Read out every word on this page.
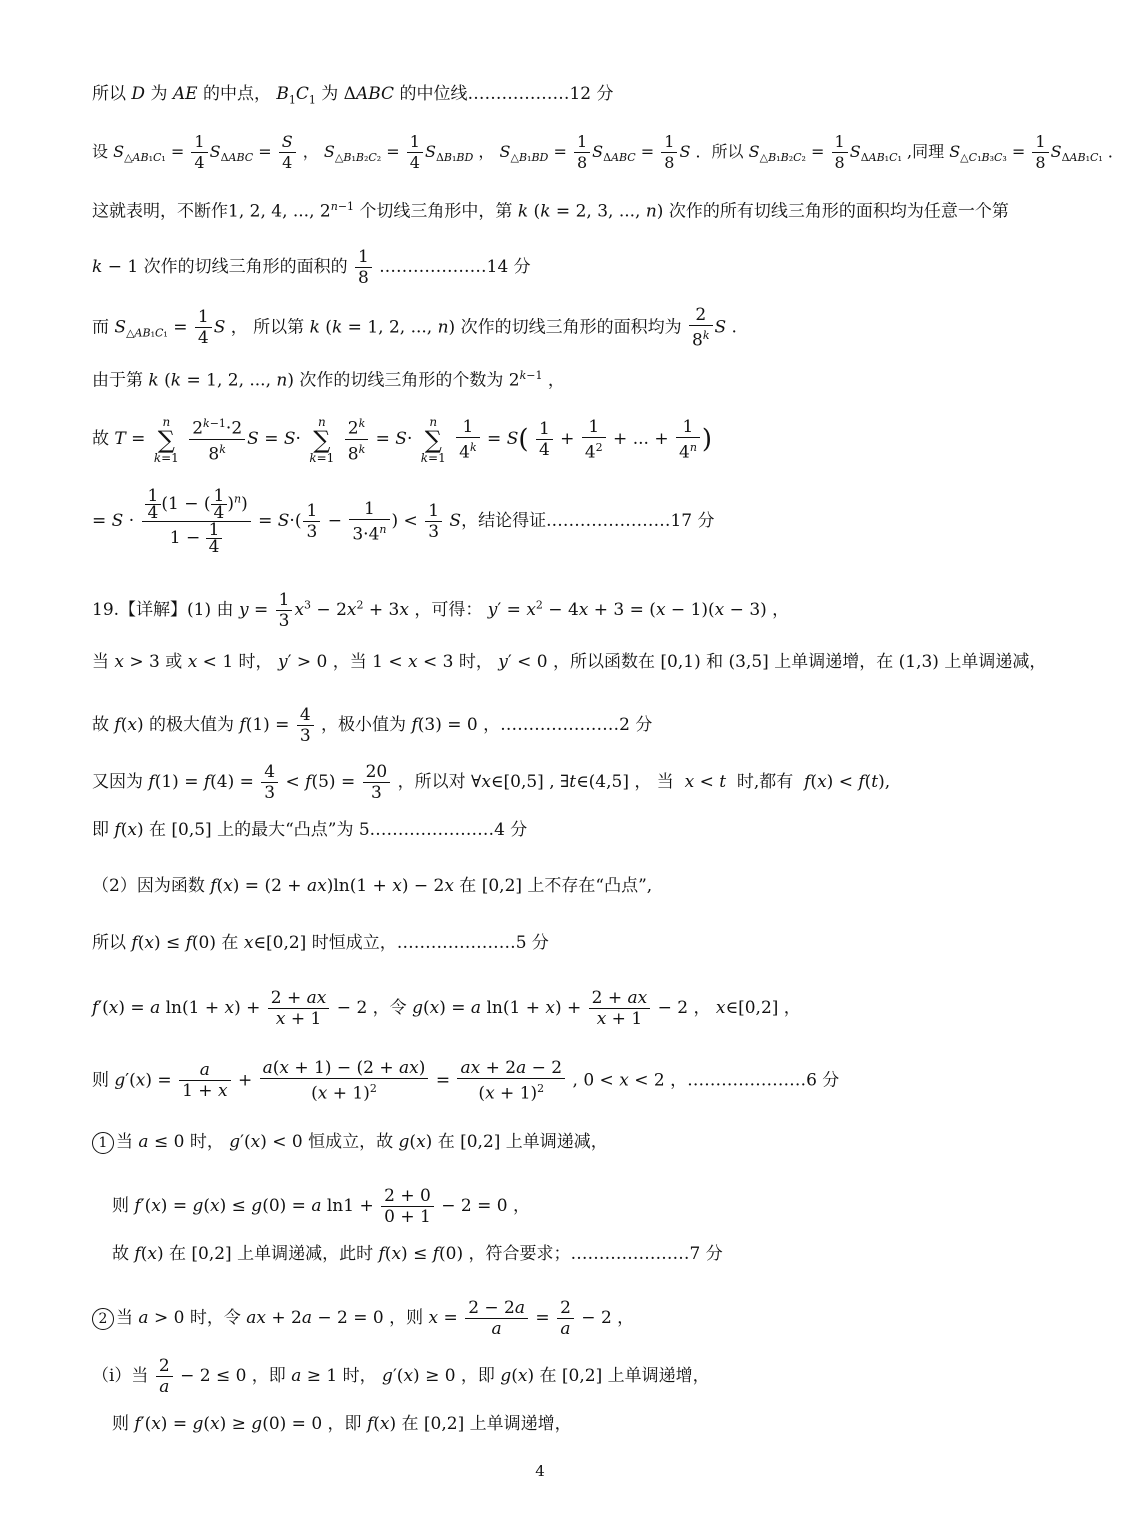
所以 D 为 AE 的中点， $B_1C_1$ 为 ΔABC 的中位线………………12 分
设 $S_{\triangle AB_1C_1} = \frac{1}{4} S_{\Delta ABC} = \frac{S}{4}$ ， $S_{\triangle B_1B_2C_2} = \frac{1}{4} S_{\Delta B_1BD}$ ， $S_{\triangle B_1BD} = \frac{1}{8} S_{\Delta ABC} = \frac{1}{8}$ S ．所以 $S_{\triangle B_1B_2C_2} = \frac{1}{8} S_{\Delta AB_1C_1}$ ,同理 $S_{\triangle C_1B_3C_3} = \frac{1}{8} S_{\Delta AB_1C_1}$ ．
这就表明，不断作1, 2, 4, ..., $2^{n-1}$ 个切线三角形中，第 k (k = 2, 3, ..., n) 次作的所有切线三角形的面积均为任意一个第
k − 1 次作的切线三角形的面积的 $\frac{1}{8}$ .………………14 分
而 $S_{\triangle AB_1C_1} = \frac{1}{4}$ S ， 所以第 k (k = 1, 2, ..., n) 次作的切线三角形的面积均为 $\frac{2}{8^k}$ S .
由于第 k (k = 1, 2, ..., n) 次作的切线三角形的个数为 $2^{k-1}$ ，
故 T = n
∑
$k=1 \frac{2^{k-1}\cdot 2}{8^k}$ S = S· n
∑
$k=1 \frac{2^k}{8^k} = S\cdot n$
∑
$k=1 \frac{1}{4^k} = S( \frac{1}{4} + \frac{1}{4^2}$ + ... + $\frac{1}{4^n}$ )
= $S \cdot \frac{\frac{1}{4} (1 - ( \frac{1}{4} )^n)}{1 - \frac{1}{4}} = S\cdot( \frac{1}{3} - \frac{1}{3\cdot 4^n}$ ) < $\frac{1}{3}$ S，结论得证.…………………17 分
19.【详解】(1) 由 $y = \frac{1}{3} x^3 - 2x^2 + 3x$ ，可得： $y' = x^2 - 4x + 3 = (x - 1)(x - 3)$ ，
当 x > 3 或 x < 1 时， y′ > 0 ，当 1 < x < 3 时， y′ < 0 ，所以函数在 [0,1) 和 (3,5] 上单调递增，在 (1,3) 上单调递减，
故 f(x) 的极大值为 $f(1) = \frac{4}{3}$ ，极小值为 f(3) = 0 ，…………………2 分
又因为 $f(1) = f(4) = \frac{4}{3} < f(5) = \frac{20}{3}$ ，所以对 ∀x∈[0,5] , ∃t∈(4,5] ， 当  x < t  时,都有  f(x) < f(t),
即 f(x) 在 [0,5] 上的最大“凸点”为 5.…………………4 分
（2）因为函数 f(x) = (2 + ax)ln(1 + x) − 2x 在 [0,2] 上不存在“凸点”,
所以 f(x) ≤ f(0) 在 x∈[0,2] 时恒成立，…………………5 分
f′(x) = a $\ln(1 + x) + \frac{2 + ax}{x + 1} - 2$ ，令 g(x) = a $\ln(1 + x) + \frac{2 + ax}{x + 1} - 2$ ， x∈[0,2] ，
则 $g'(x) = \frac{a}{1 + x} + \frac{a(x + 1) - (2 + ax)}{(x + 1)^2} = \frac{ax + 2a - 2}{(x + 1)^2}$ , 0 < x < 2 ，…………………6 分
1 当 a ≤ 0 时， g′(x) < 0 恒成立，故 g(x) 在 [0,2] 上单调递减，
则 f′(x) = g(x) ≤ g(0) = a $\ln 1 + \frac{2 + 0}{0 + 1} - 2 = 0$ ，
故 f(x) 在 [0,2] 上单调递减，此时 f(x) ≤ f(0) ，符合要求；…………………7 分
2 当 a > 0 时，令 ax + 2a − 2 = 0 ，则 $x = \frac{2 - 2a}{a} = \frac{2}{a} - 2$ ，
（i）当 $\frac{2}{a} - 2 \le 0$ ，即 a ≥ 1 时， g′(x) ≥ 0 ，即 g(x) 在 [0,2] 上单调递增，
则 f′(x) = g(x) ≥ g(0) = 0 ，即 f(x) 在 [0,2] 上单调递增，
4
